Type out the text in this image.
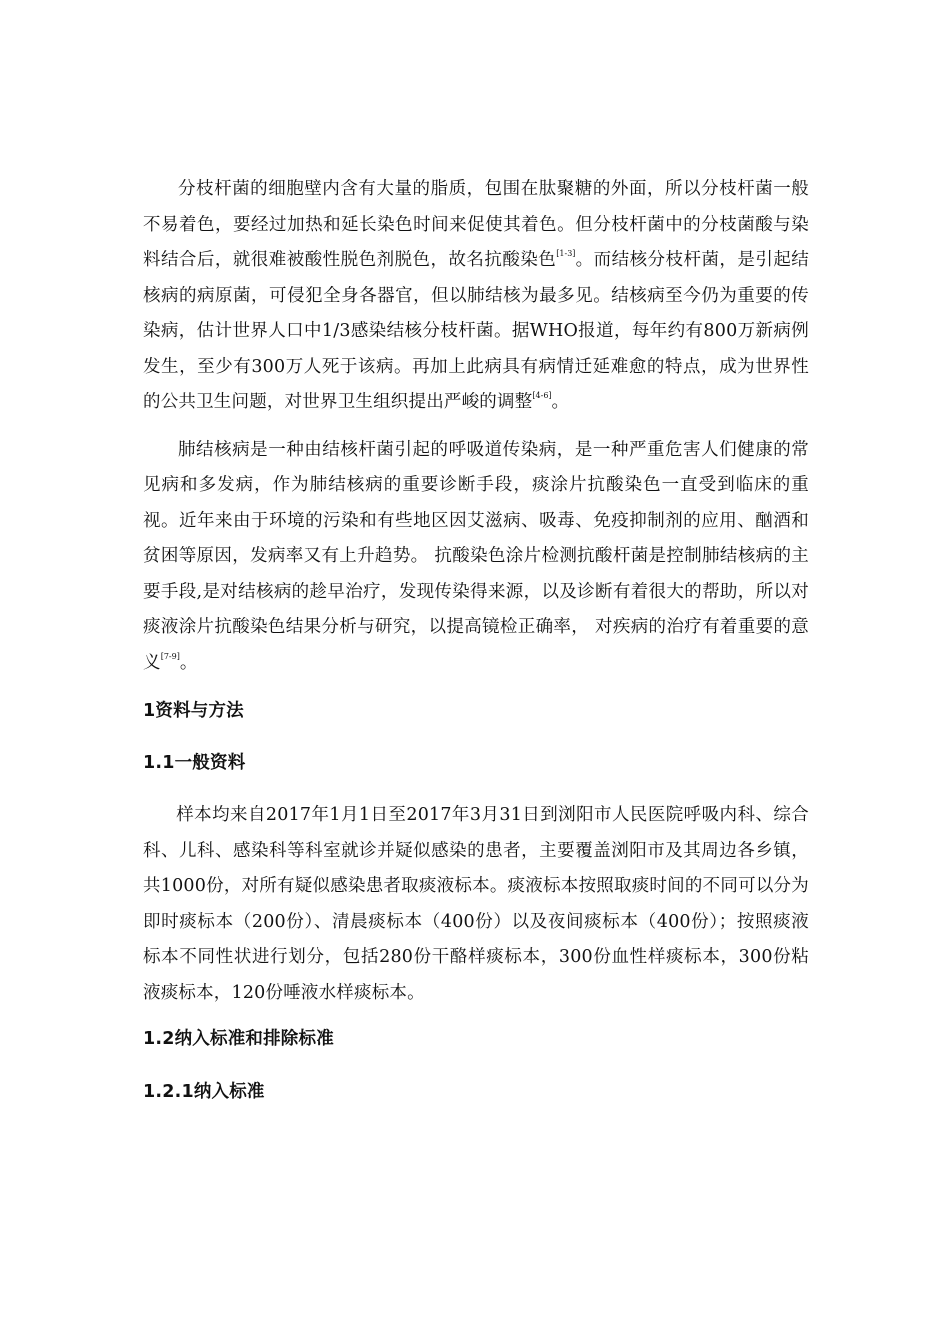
分枝杆菌的细胞壁内含有大量的脂质，包围在肽聚糖的外面，所以分枝杆菌一般不易着色，要经过加热和延长染色时间来促使其着色。但分枝杆菌中的分枝菌酸与染料结合后，就很难被酸性脱色剂脱色，故名抗酸染色[1-3]。而结核分枝杆菌，是引起结核病的病原菌，可侵犯全身各器官，但以肺结核为最多见。结核病至今仍为重要的传染病，估计世界人口中1/3感染结核分枝杆菌。据WHO报道，每年约有800万新病例发生，至少有300万人死于该病。再加上此病具有病情迁延难愈的特点，成为世界性的公共卫生问题，对世界卫生组织提出严峻的调整[4-6]。

肺结核病是一种由结核杆菌引起的呼吸道传染病，是一种严重危害人们健康的常见病和多发病，作为肺结核病的重要诊断手段，痰涂片抗酸染色一直受到临床的重视。近年来由于环境的污染和有些地区因艾滋病、吸毒、免疫抑制剂的应用、酗酒和贫困等原因，发病率又有上升趋势。 抗酸染色涂片检测抗酸杆菌是控制肺结核病的主要手段,是对结核病的趁早治疗，发现传染得来源，以及诊断有着很大的帮助，所以对痰液涂片抗酸染色结果分析与研究，以提高镜检正确率， 对疾病的治疗有着重要的意义[7-9]。

1资料与方法
1.1一般资料

样本均来自2017年1月1日至2017年3月31日到浏阳市人民医院呼吸内科、综合科、儿科、感染科等科室就诊并疑似感染的患者，主要覆盖浏阳市及其周边各乡镇，共1000份，对所有疑似感染患者取痰液标本。痰液标本按照取痰时间的不同可以分为即时痰标本（200份）、清晨痰标本（400份）以及夜间痰标本（400份）；按照痰液标本不同性状进行划分，包括280份干酪样痰标本，300份血性样痰标本，300份粘液痰标本，120份唾液水样痰标本。

1.2纳入标准和排除标准
1.2.1纳入标准
